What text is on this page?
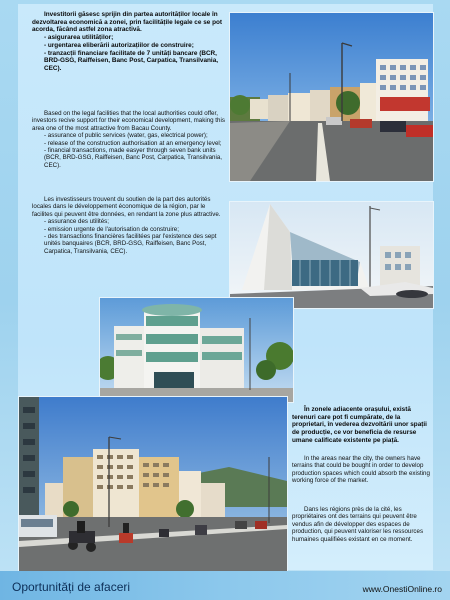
Investitorii găsesc sprijin din partea autorităților locale în dezvoltarea economică a zonei, prin facilitățile legale ce se pot acorda, făcând astfel zona atractivă.

- asigurarea utilităților;

- urgentarea eliberării autorizațiilor de construire;

- tranzacții financiare facilitate de 7 unități bancare (BCR, BRD-GSG, Raiffeisen, Banc Post, Carpatica, Transilvania, CEC).

Based on the legal facilities that the local authorities could offer, investors recive support for their economical development, making this area one of the most attractive from Bacau County.

- assurance of public services (water, gas, electrical power);

- release of the construction authorisation at an emergency level;

- financial transactions, made easyer through seven bank units (BCR, BRD-GSG, Raiffeisen, Banc Post, Carpatica, Transilvania, CEC).

Les investisseurs trouvent du soutien de la part des autorités locales dans le développement économique de la région, par le facilites qui peuvent être données, en rendant la zone plus attractive.

- assurance des utilités;

- emission urgente de l'autorisation de construire;

- des transactions financières facilitées par l'existence des sept unités banquaires (BCR, BRD-GSG, Raiffeisen, Banc Post, Carpatica, Transilvania, CEC).

În zonele adiacente orașului, există terenuri care pot fi cumpărate, de la proprietari, în vederea dezvoltării unor spații de producție, ce vor beneficia de resurse umane calificate existente pe piață.

In the areas near the city, the owners have terrains that could be bought in order to develop production spaces which could absorb the existing working force of the market.

Dans les régions près de la cité, les propriétaires ont des terrains qui peuvent être vendus afin de développer des espaces de production, qui peuvent valoriser les ressources humaines qualifiées existant en ce moment.

Oportunități de afaceri	www.OnestiOnline.ro
